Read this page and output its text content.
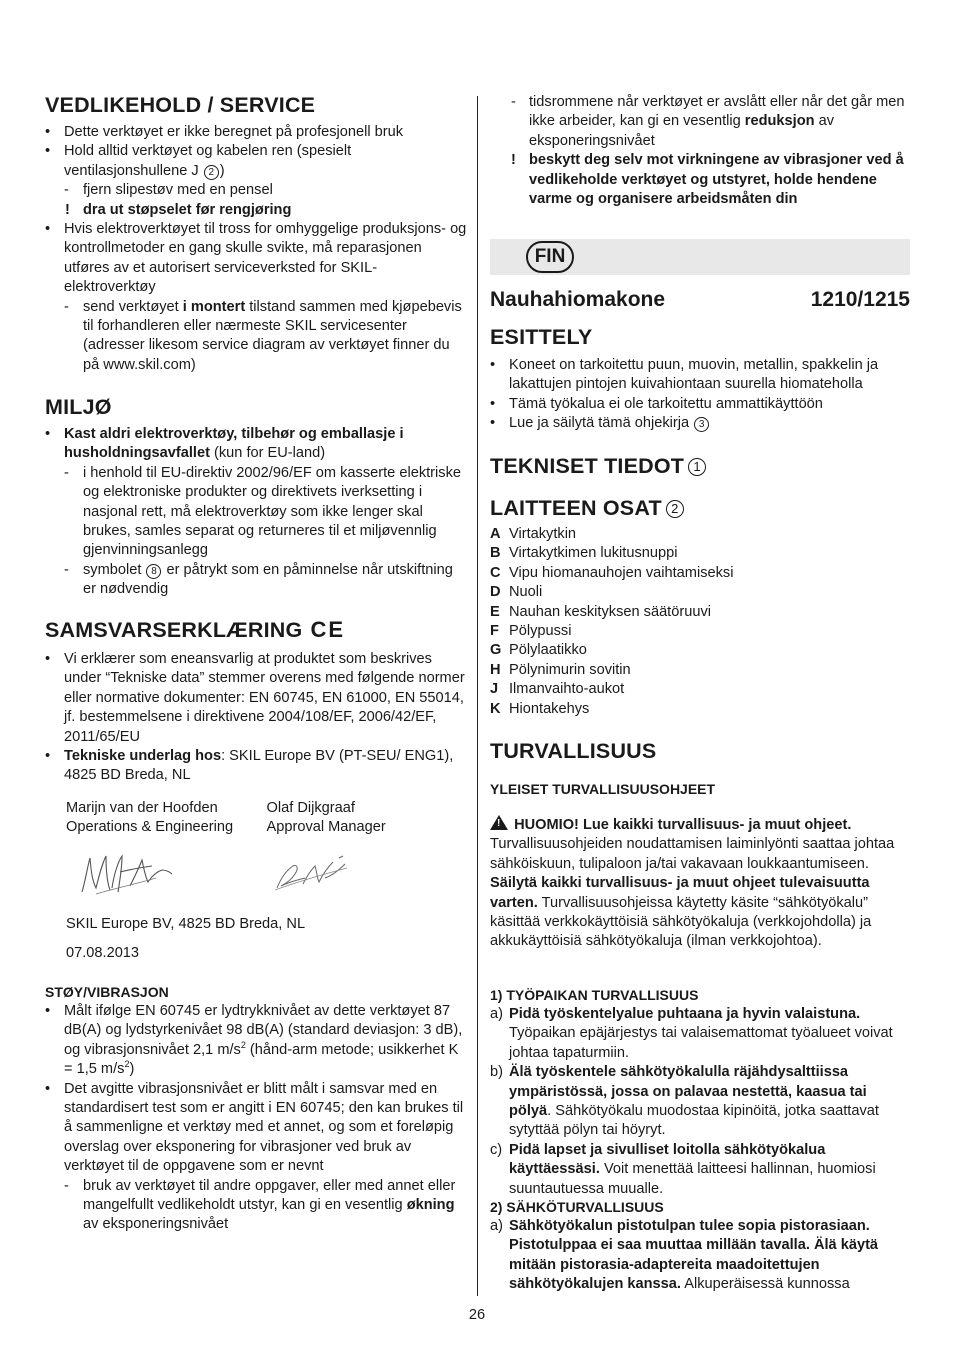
VEDLIKEHOLD / SERVICE
• Dette verktøyet er ikke beregnet på profesjonell bruk
• Hold alltid verktøyet og kabelen ren (spesielt ventilasjonshullene J 2 )
- fjern slipestøv med en pensel
! dra ut støpselet før rengjøring
• Hvis elektroverktøyet til tross for omhyggelige produksjons- og kontrollmetoder en gang skulle svikte, må reparasjonen utføres av et autorisert serviceverksted for SKIL-elektroverktøy
- send verktøyet i montert tilstand sammen med kjøpebevis til forhandleren eller nærmeste SKIL servicesenter (adresser likesom service diagram av verktøyet finner du på www.skil.com)
MILJØ
• Kast aldri elektroverktøy, tilbehør og emballasje i husholdningsavfallet (kun for EU-land)
- i henhold til EU-direktiv 2002/96/EF om kasserte elektriske og elektroniske produkter og direktivets iverksetting i nasjonal rett, må elektroverktøy som ikke lenger skal brukes, samles separat og returneres til et miljøvennlig gjenvinningsanlegg
- symbolet 8 er påtrykt som en påminnelse når utskiftning er nødvendig
SAMSVARSERKLÆRING CE
• Vi erklærer som eneansvarlig at produktet som beskrives under “Tekniske data” stemmer overens med følgende normer eller normative dokumenter: EN 60745, EN 61000, EN 55014, jf. bestemmelsene i direktivene 2004/108/EF, 2006/42/EF, 2011/65/EU
• Tekniske underlag hos: SKIL Europe BV (PT-SEU/ ENG1), 4825 BD Breda, NL

Marijn van der Hoofden

Operations & Engineering

Olaf Dijkgraaf

Approval Manager

SKIL Europe BV, 4825 BD Breda, NL

07.08.2013

STØY/VIBRASJON
• Målt ifølge EN 60745 er lydtrykknivået av dette verktøyet 87 dB(A) og lydstyrkenivået 98 dB(A) (standard deviasjon: 3 dB), og vibrasjonsnivået 2,1 $m/s^2$ (hånd-arm metode; usikkerhet K = 1,5 $m/s^2$)
• Det avgitte vibrasjonsnivået er blitt målt i samsvar med en standardisert test som er angitt i EN 60745; den kan brukes til å sammenligne et verktøy med et annet, og som et foreløpig overslag over eksponering for vibrasjoner ved bruk av verktøyet til de oppgavene som er nevnt
- bruk av verktøyet til andre oppgaver, eller med annet eller mangelfullt vedlikeholdt utstyr, kan gi en vesentlig økning av eksponeringsnivået
- tidsrommene når verktøyet er avslått eller når det går men ikke arbeider, kan gi en vesentlig reduksjon av eksponeringsnivået
! beskytt deg selv mot virkningene av vibrasjoner ved å vedlikeholde verktøyet og utstyret, holde hendene varme og organisere arbeidsmåten din
FIN
Nauhahiomakone	1210/1215
ESITTELY
• Koneet on tarkoitettu puun, muovin, metallin, spakkelin ja lakattujen pintojen kuivahiontaan suurella hiomateholla
• Tämä työkalua ei ole tarkoitettu ammattikäyttöön
• Lue ja säilytä tämä ohjekirja 3
TEKNISET TIEDOT 1
LAITTEEN OSAT 2
A Virtakytkin
B Virtakytkimen lukitusnuppi
C Vipu hiomanauhojen vaihtamiseksi
D Nuoli
E Nauhan keskityksen säätöruuvi
F Pölypussi
G Pölylaatikko
H Pölynimurin sovitin
J Ilmanvaihto-aukot
K Hiontakehys
TURVALLISUUS
YLEISET TURVALLISUUSOHJEET

! HUOMIO! Lue kaikki turvallisuus- ja muut ohjeet. Turvallisuusohjeiden noudattamisen laiminlyönti saattaa johtaa sähköiskuun, tulipaloon ja/tai vakavaan loukkaantumiseen. Säilytä kaikki turvallisuus- ja muut ohjeet tulevaisuutta varten. Turvallisuusohjeissa käytetty käsite “sähkötyökalu” käsittää verkkokäyttöisiä sähkötyökaluja (verkkojohdolla) ja akkukäyttöisiä sähkötyökaluja (ilman verkkojohtoa).

1) TYÖPAIKAN TURVALLISUUS
a) Pidä työskentelyalue puhtaana ja hyvin valaistuna. Työpaikan epäjärjestys tai valaisemattomat työalueet voivat johtaa tapaturmiin.
b) Älä työskentele sähkötyökalulla räjähdysalttiissa ympäristössä, jossa on palavaa nestettä, kaasua tai pölyä. Sähkötyökalu muodostaa kipinöitä, jotka saattavat sytyttää pölyn tai höyryt.
c) Pidä lapset ja sivulliset loitolla sähkötyökalua käyttäessäsi. Voit menettää laitteesi hallinnan, huomiosi suuntautuessa muualle.
2) SÄHKÖTURVALLISUUS
a) Sähkötyökalun pistotulpan tulee sopia pistorasiaan. Pistotulppaa ei saa muuttaa millään tavalla. Älä käytä mitään pistorasia-adaptereita maadoitettujen sähkötyökalujen kanssa. Alkuperäisessä kunnossa
26
